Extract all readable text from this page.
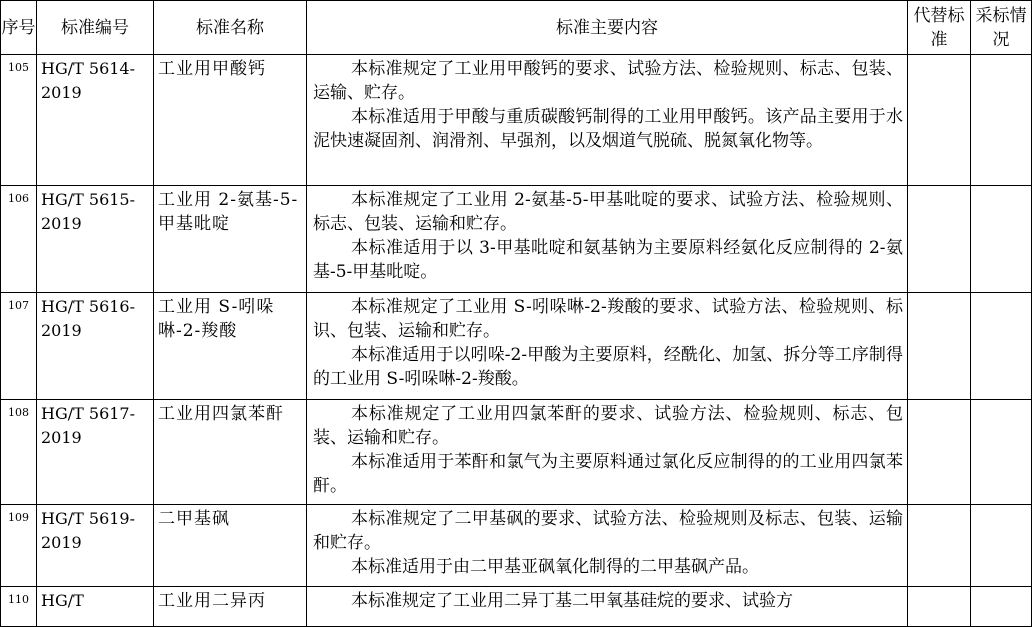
序号	标准编号	标准名称	标准主要内容	代替标准	采标情况
105	HG/T 5614-2019	工业用甲酸钙	本标准规定了工业用甲酸钙的要求、试验方法、检验规则、标志、包装、运输、贮存。

本标准适用于甲酸与重质碳酸钙制得的工业用甲酸钙。该产品主要用于水泥快速凝固剂、润滑剂、早强剂，以及烟道气脱硫、脱氮氧化物等。		

106	HG/T 5615-2019	工业用 2-氨基-5-甲基吡啶	本标准规定了工业用 2-氨基-5-甲基吡啶的要求、试验方法、检验规则、标志、包装、运输和贮存。

本标准适用于以 3-甲基吡啶和氨基钠为主要原料经氨化反应制得的 2-氨基-5-甲基吡啶。		

107	HG/T 5616-2019	工业用 S-吲哚啉-2-羧酸	本标准规定了工业用 S-吲哚啉-2-羧酸的要求、试验方法、检验规则、标识、包装、运输和贮存。

本标准适用于以吲哚-2-甲酸为主要原料，经酰化、加氢、拆分等工序制得的工业用 S-吲哚啉-2-羧酸。		

108	HG/T 5617-2019	工业用四氯苯酐	本标准规定了工业用四氯苯酐的要求、试验方法、检验规则、标志、包装、运输和贮存。

本标准适用于苯酐和氯气为主要原料通过氯化反应制得的的工业用四氯苯酐。		

109	HG/T 5619-2019	二甲基砜	本标准规定了二甲基砜的要求、试验方法、检验规则及标志、包装、运输和贮存。

本标准适用于由二甲基亚砜氧化制得的二甲基砜产品。		

110	HG/T	工业用二异丙	本标准规定了工业用二异丁基二甲氧基硅烷的要求、试验方		
